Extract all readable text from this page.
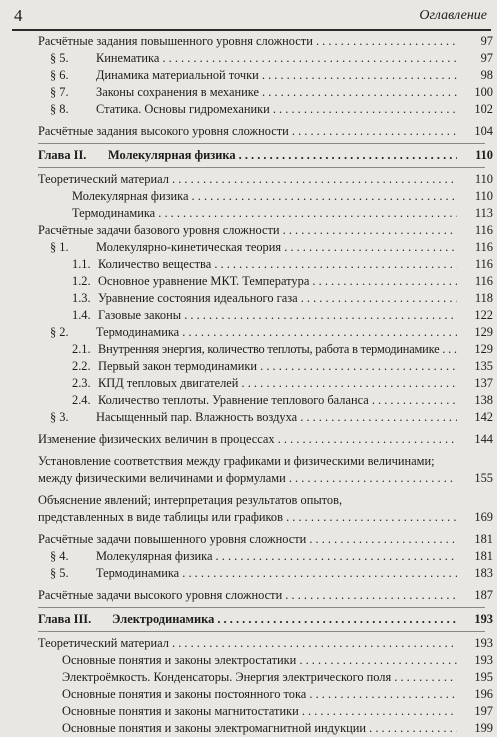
4	Оглавление
Расчётные задания повышенного уровня сложности . . .	97
§ 5. Кинематика . . .	97
§ 6. Динамика материальной точки . . .	98
§ 7. Законы сохранения в механике . . .	100
§ 8. Статика. Основы гидромеханики . . .	102
Расчётные задания высокого уровня сложности . . .	104
Глава II. Молекулярная физика . . .	110
Теоретический материал . . .	110
Молекулярная физика . . .	110
Термодинамика . . .	113
Расчётные задачи базового уровня сложности . . .	116
§ 1. Молекулярно-кинетическая теория . . .	116
1.1. Количество вещества . . .	116
1.2. Основное уравнение МКТ. Температура . . .	116
1.3. Уравнение состояния идеального газа . . .	118
1.4. Газовые законы . . .	122
§ 2. Термодинамика . . .	129
2.1. Внутренняя энергия, количество теплоты, работа в термодинамике . . .	129
2.2. Первый закон термодинамики . . .	135
2.3. КПД тепловых двигателей . . .	137
2.4. Количество теплоты. Уравнение теплового баланса . . .	138
§ 3. Насыщенный пар. Влажность воздуха . . .	142
Изменение физических величин в процессах . . .	144
Установление соответствия между графиками и физическими величинами;
между физическими величинами и формулами . . .	155
Объяснение явлений; интерпретация результатов опытов,
представленных в виде таблицы или графиков . . .	169
Расчётные задачи повышенного уровня сложности . . .	181
§ 4. Молекулярная физика . . .	181
§ 5. Термодинамика . . .	183
Расчётные задачи высокого уровня сложности . . .	187
Глава III. Электродинамика . . .	193
Теоретический материал . . .	193
Основные понятия и законы электростатики . . .	193
Электроёмкость. Конденсаторы. Энергия электрического поля . . .	195
Основные понятия и законы постоянного тока . . .	196
Основные понятия и законы магнитостатики . . .	197
Основные понятия и законы электромагнитной индукции . . .	199
